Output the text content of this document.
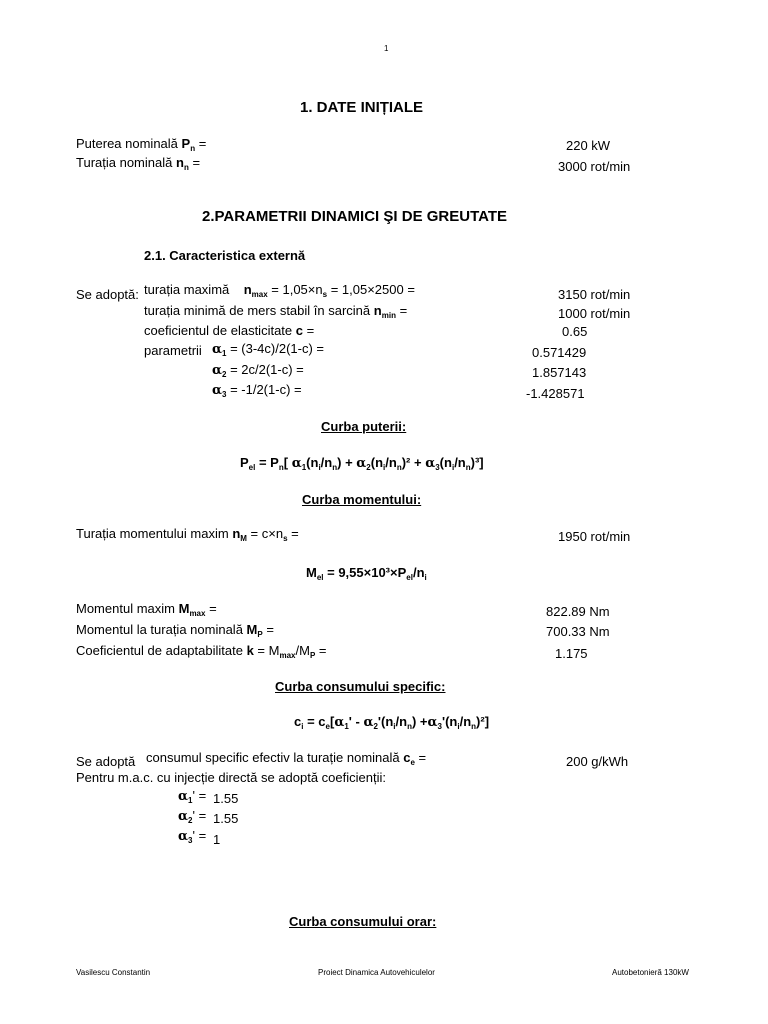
1
1. DATE INIȚIALE
Puterea nominală $P_n$ =	220 kW
Turația nominală $n_n$ =	3000 rot/min
2.PARAMETRII DINAMICI ŞI DE GREUTATE
2.1. Caracteristica externă
Se adoptă: turația maximă $n_{max} = 1,05\times n_s = 1,05\times 2500$ =	3150 rot/min
turația minimă de mers stabil în sarcină $n_{min}$ =	1000 rot/min
coeficientul de elasticitate c =	0.65
parametrii $\alpha_1 = (3-4c)/2(1-c)$ =	0.571429
$\alpha_2 = 2c/2(1-c)$ =	1.857143
$\alpha_3 = -1/2(1-c)$ =	-1.428571
Curba puterii:
$P_{el} = P_n$[ $\alpha_1(n_i/n_n) + \alpha_2(n_i/n_n)^2 + \alpha_3(n_i/n_n)^3$]
Curba momentului:
Turația momentului maxim $n_M = c\times n_s$ =	1950 rot/min
$M_{el} = 9,55\times 10^3\times P_{el}/n_i$
Momentul maxim $M_{max}$ =	822.89 Nm
Momentul la turația nominală $M_P$ =	700.33 Nm
Coeficientul de adaptabilitate $k = M_{max}/M_P$ =	1.175
Curba consumului specific:
$c_i = c_e[\alpha_1' - \alpha_2'(n_i/n_n) +\alpha_3'(n_i/n_n)^2]$
Se adoptă consumul specific efectiv la turație nominală $c_e$ =	200 g/kWh
Pentru m.a.c. cu injecție directă se adoptă coeficienții:
$\alpha_1' = 1.55$
$\alpha_2' = 1.55$
$\alpha_3' = 1$
Curba consumului orar:
Vasilescu Constantin	Proiect Dinamica Autovehiculelor	Autobetonieră 130kW
